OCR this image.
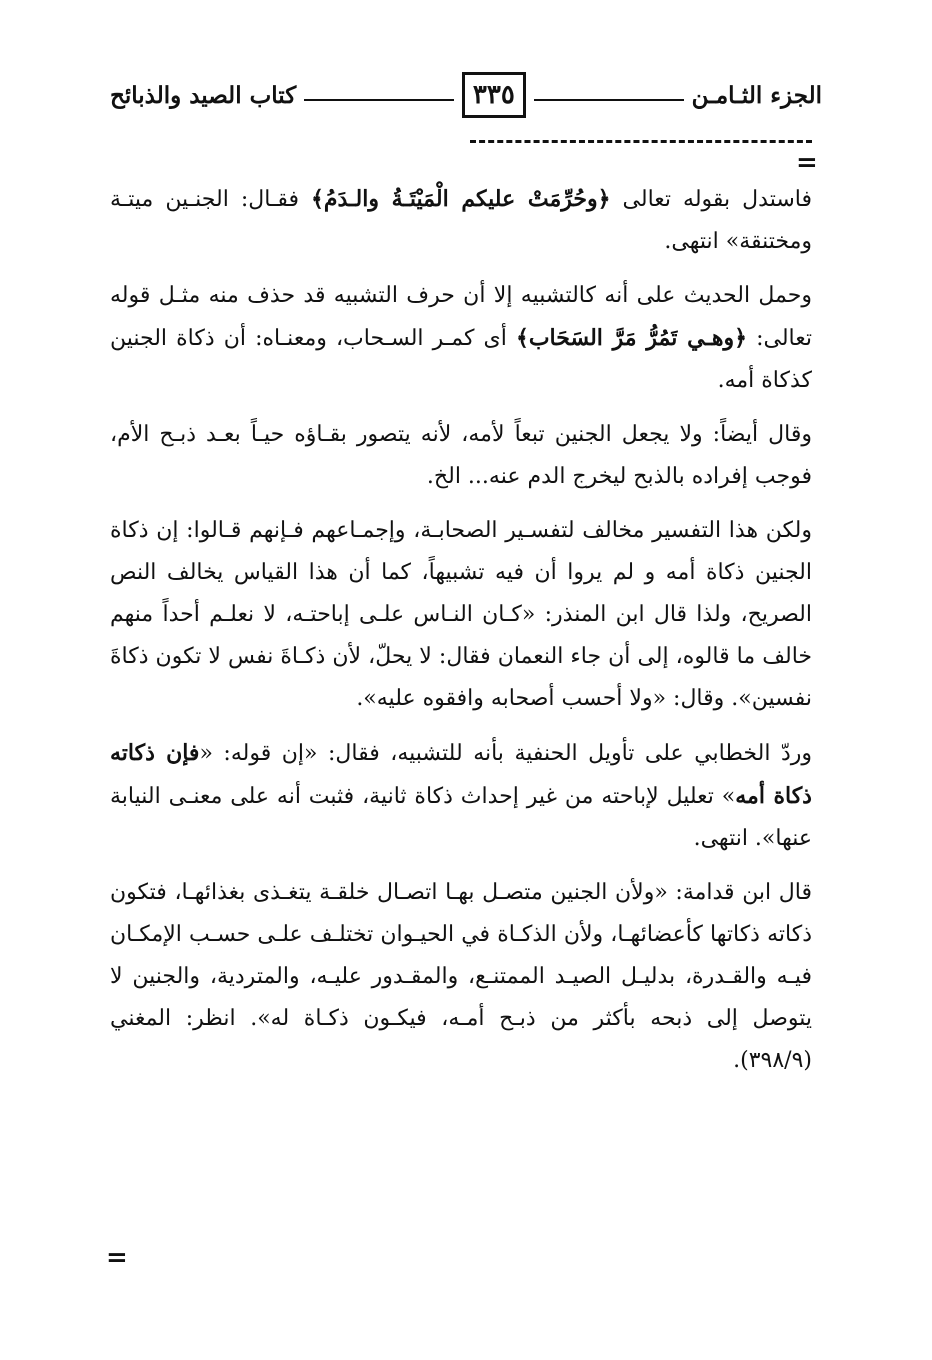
الجزء الثـامـن
٣٣٥
كتاب الصيد والذبائح
=

فاستدل بقوله تعالى ﴿وحُرِّمَتْ عليكم الْمَيْتَـةُ والـدَمُ﴾ فقـال: الجنـين ميتـة ومختنقة» انتهى.

وحمل الحديث على أنه كالتشبيه إلا أن حرف التشبيه قد حذف منه مثـل قوله تعالى: ﴿وهـي تَمُرُّ مَرَّ السَحَاب﴾ أى كمـر السـحاب، ومعنـاه: أن ذكاة الجنين كذكاة أمه.

وقال أيضاً: ولا يجعل الجنين تبعاً لأمه، لأنه يتصور بقـاؤه حيـاً بعـد ذبـح الأم، فوجب إفراده بالذبح ليخرج الدم عنه... الخ.

ولكن هذا التفسير مخالف لتفسـير الصحابـة، وإجمـاعهم فـإنهم قـالوا: إن ذكاة الجنين ذكاة أمه و لم يروا أن فيه تشبيهاً، كما أن هذا القياس يخالف النص الصريح، ولذا قال ابن المنذر: «كـان النـاس علـى إباحتـه، لا نعلـم أحداً منهم خالف ما قالوه، إلى أن جاء النعمان فقال: لا يحلّ، لأن ذكـاةَ نفس لا تكون ذكاةَ نفسين». وقال: «ولا أحسب أصحابه وافقوه عليه».

وردّ الخطابي على تأويل الحنفية بأنه للتشبيه، فقال: «إن قوله: «فإن ذكاته ذكاة أمه» تعليل لإباحته من غير إحداث ذكاة ثانية، فثبت أنه على معنـى النيابة عنها». انتهى.

قال ابن قدامة: «ولأن الجنين متصـل بهـا اتصـال خلقـة يتغـذى بغذائهـا، فتكون ذكاته ذكاتها كأعضائهـا، ولأن الذكـاة في الحيـوان تختلـف علـى حسـب الإمكـان فيـه والقـدرة، بدليـل الصيـد الممتنـع، والمقـدور عليـه، والمتردية، والجنين لا يتوصل إلى ذبحه بأكثر من ذبـح أمـه، فيكـون ذكـاة له». انظر: المغني (٣٩٨/٩).

=
